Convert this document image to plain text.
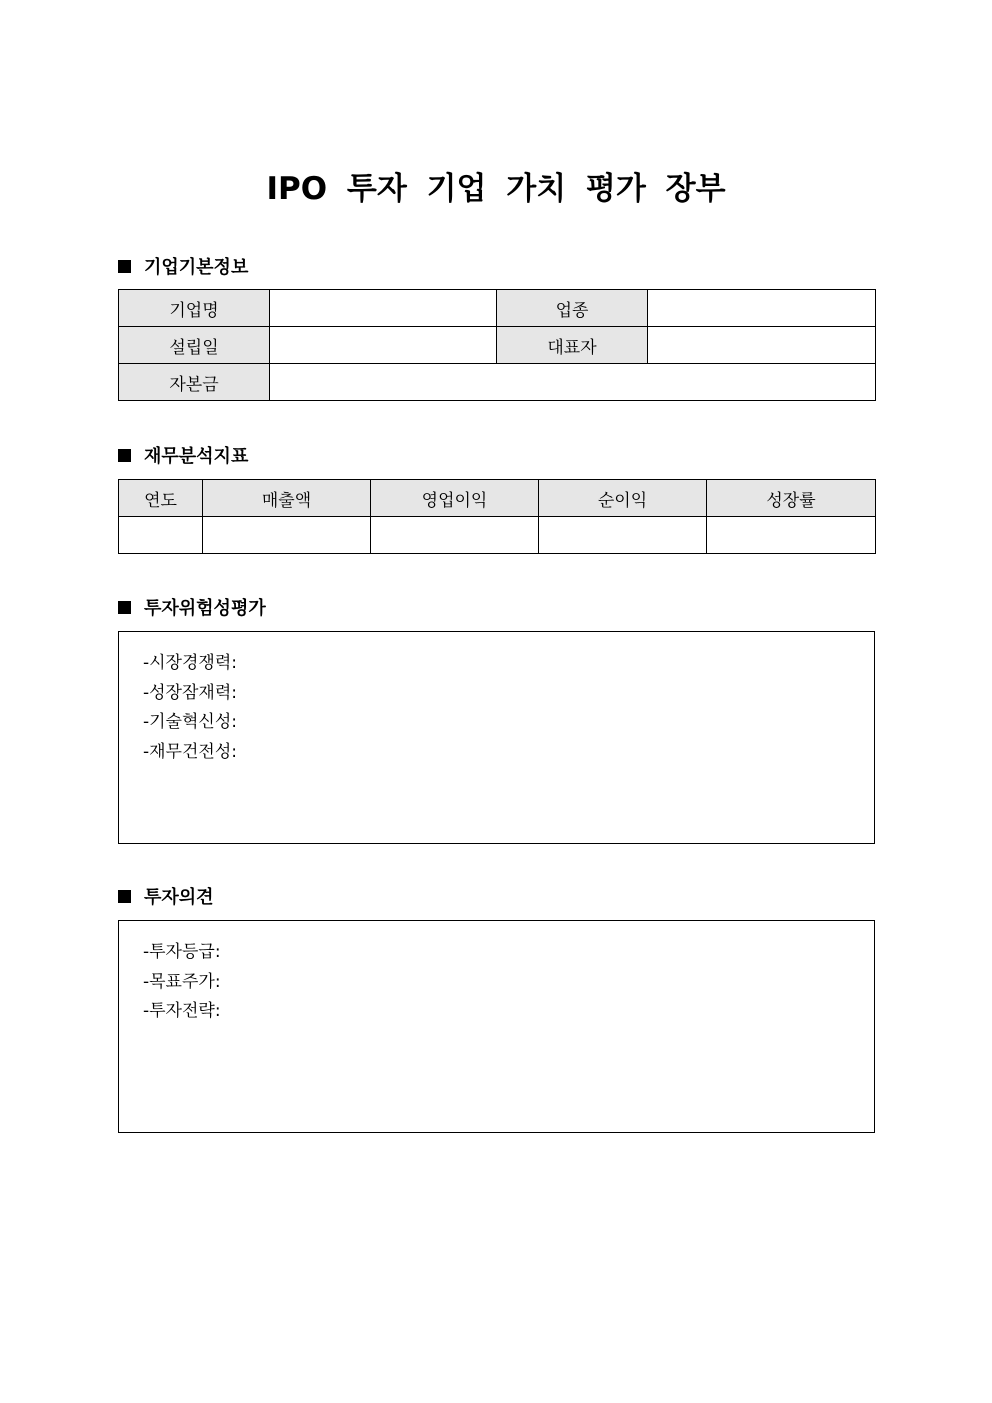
IPO 투자 기업 가치 평가 장부
기업기본정보
기업명		업종	
설립일		대표자	
자본금			
재무분석지표
연도	매출액	영업이익	순이익	성장률

투자위험성평가
-시장경쟁력:
-성장잠재력:
-기술혁신성:
-재무건전성:
투자의견
-투자등급:
-목표주가:
-투자전략:
